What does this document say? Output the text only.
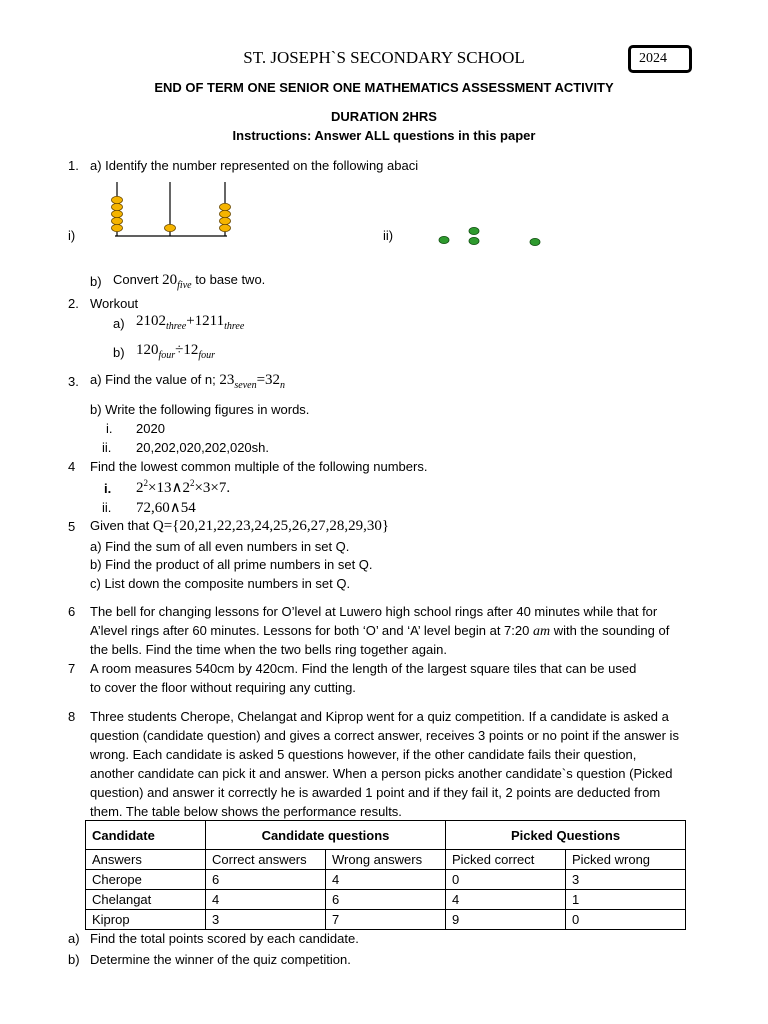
ST. JOSEPH`S SECONDARY SCHOOL	2024
END OF TERM ONE SENIOR ONE MATHEMATICS ASSESSMENT ACTIVITY
DURATION 2HRS
Instructions: Answer ALL questions in this paper
1. a) Identify the number represented on the following abaci
i)	ii)
b) Convert $20_{five}$ to base two.
2. Workout
a) $2102_{three}+1211_{three}$
b) $120_{four}\div 12_{four}$
3. a) Find the value of n; $23_{seven}=32_n$
b) Write the following figures in words.
i. 2020
ii. 20,202,020,202,020sh.
4 Find the lowest common multiple of the following numbers.
i. $2^2\times 13\wedge 2^2\times 3\times 7$.
ii. 72,60∧54
5 Given that Q={20,21,22,23,24,25,26,27,28,29,30}
a) Find the sum of all even numbers in set Q.
b) Find the product of all prime numbers in set Q.
c) List down the composite numbers in set Q.
6 The bell for changing lessons for O’level at Luwero high school rings after 40 minutes while that for
A’level rings after 60 minutes. Lessons for both ‘O’ and ‘A’ level begin at 7:20 am with the sounding of
the bells. Find the time when the two bells ring together again.
7 A room measures 540cm by 420cm. Find the length of the largest square tiles that can be used
to cover the floor without requiring any cutting.
8 Three students Cherope, Chelangat and Kiprop went for a quiz competition. If a candidate is asked a
question (candidate question) and gives a correct answer, receives 3 points or no point if the answer is
wrong. Each candidate is asked 5 questions however, if the other candidate fails their question,
another candidate can pick it and answer. When a person picks another candidate`s question (Picked
question) and answer it correctly he is awarded 1 point and if they fail it, 2 points are deducted from
them. The table below shows the performance results.
Candidate	Candidate questions		Picked Questions	
Answers	Correct answers	Wrong answers	Picked correct	Picked wrong
Cherope	6	4	0	3
Chelangat	4	6	4	1
Kiprop	3	7	9	0
a) Find the total points scored by each candidate.
b) Determine the winner of the quiz competition.
